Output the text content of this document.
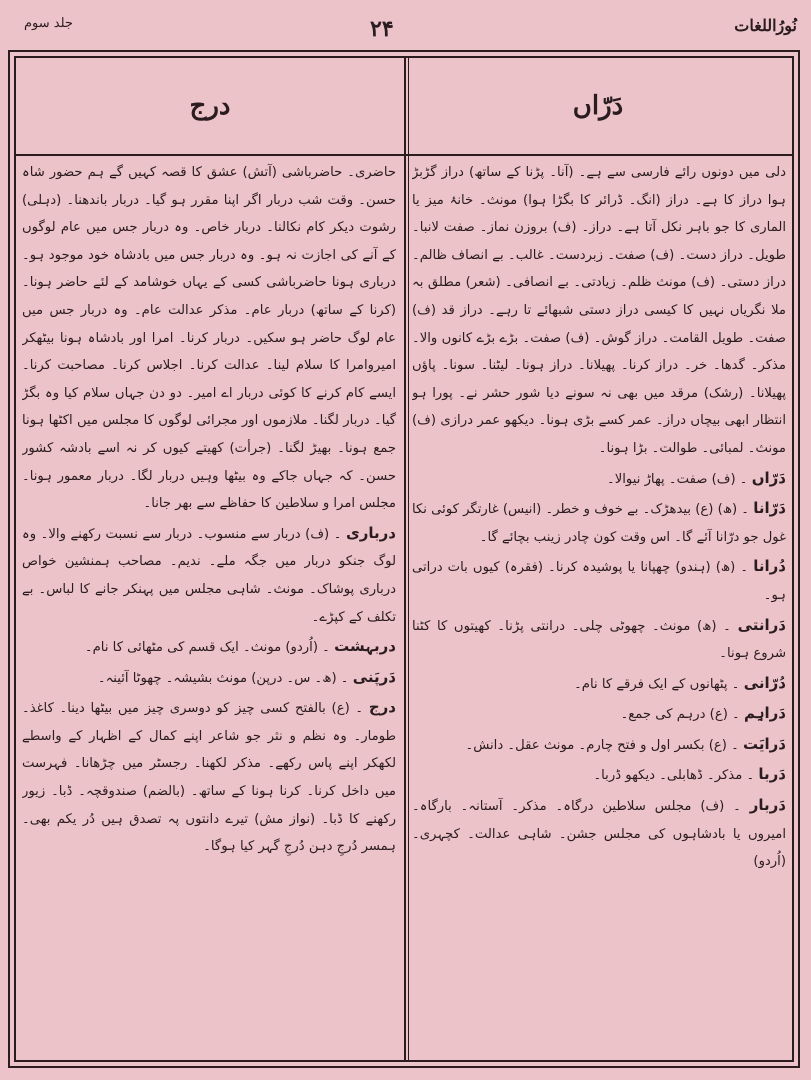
نُورُاللغات
۲۴
جلد سوم
دَرّاں
درج

دلی میں دونوں رائے فارسی سے ہے۔ (آنا۔ پڑنا کے ساتھ) دراز گڑبڑ ہوا دراز کا ہے۔ دراز (انگ۔ ڈرائر کا بگڑا ہوا) مونث۔ خانۂ میز یا الماری کا جو باہر نکل آتا ہے۔ دراز۔ (ف) بروزن نماز۔ صفت لانبا۔ طویل۔ دراز دست۔ (ف) صفت۔ زبردست۔ غالب۔ بے انصاف ظالم۔ دراز دستی۔ (ف) مونث ظلم۔ زیادتی۔ بے انصافی۔ (شعر) مطلق بہ ملا نگریاں نہیں کا کیسی دراز دستی شبھائے تا رہے۔ دراز قد (ف) صفت۔ طویل القامت۔ دراز گوش۔ (ف) صفت۔ بڑے بڑے کانوں والا۔ مذکر۔ گدھا۔ خر۔ دراز کرنا۔ پھیلانا۔ دراز ہونا۔ لیٹنا۔ سونا۔ پاؤں پھیلانا۔ (رشک) مرقد میں بھی نہ سونے دیا شور حشر نے۔ پورا ہو انتظار ابھی بیچاں دراز۔ عمر کسے بڑی ہونا۔ دیکھو عمر درازی (ف) مونث۔ لمبائی۔ طوالت۔ بڑا ہونا۔

دَرّاں ۔ (ف) صفت۔ پھاڑ نیوالا۔

دَرّانا ۔ (ھ) (ع) بیدھڑک۔ بے خوف و خطر۔ (انیس) غارتگر کوئی نکا غول جو درّانا آئے گا۔ اس وقت کون چادر زینب بچائے گا۔

دُرانا ۔ (ھ) (ہندو) چھپانا یا پوشیدہ کرنا۔ (فقرہ) کیوں بات دراتی ہو۔

دَرانتی ۔ (ھ) مونث۔ چھوٹی چلی۔ درانتی پڑنا۔ کھیتوں کا کٹنا شروع ہونا۔

دُرّانی ۔ پٹھانوں کے ایک فرقے کا نام۔

دَراہِم ۔ (ع) درہم کی جمع۔

دَرایَت ۔ (ع) بکسر اول و فتح چارم۔ مونث عقل۔ دانش۔

دَربا ۔ مذکر۔ ڈھابلی۔ دیکھو ڈربا۔

دَربار ۔ (ف) مجلس سلاطین درگاہ۔ مذکر۔ آستانہ۔ بارگاہ۔ امیروں یا بادشاہوں کی مجلس جشن۔ شاہی عدالت۔ کچہری۔ (اُردو)

حاضری۔ حاضرباشی (آتش) عشق کا قصہ کہیں گے ہم حضور شاہ حسن۔ وقت شب دربار اگر اپنا مقرر ہو گیا۔ دربار باندھنا۔ (دہلی) رشوت دیکر کام نکالنا۔ دربار خاص۔ وہ دربار جس میں عام لوگوں کے آنے کی اجازت نہ ہو۔ وہ دربار جس میں بادشاہ خود موجود ہو۔ درباری ہونا حاضرباشی کسی کے یہاں خوشامد کے لئے حاضر ہونا۔ (کرنا کے ساتھ) دربار عام۔ مذکر عدالت عام۔ وہ دربار جس میں عام لوگ حاضر ہو سکیں۔ دربار کرنا۔ امرا اور بادشاہ ہونا بیٹھکر امیروامرا کا سلام لینا۔ عدالت کرنا۔ اجلاس کرنا۔ مصاحبت کرنا۔ ایسے کام کرنے کا کوئی دربار اے امیر۔ دو دن جہاں سلام کیا وہ بگڑ گیا۔ دربار لگنا۔ ملازموں اور مجرائی لوگوں کا مجلس میں اکٹھا ہونا جمع ہونا۔ بھیڑ لگنا۔ (جرأت) کھیتے کیوں کر نہ اسے بادشہ کشور حسن۔ کہ جہاں جاکے وہ بیٹھا وہیں دربار لگا۔ دربار معمور ہونا۔ مجلس امرا و سلاطین کا حفاظے سے بھر جانا۔

درباری ۔ (ف) دربار سے منسوب۔ دربار سے نسبت رکھنے والا۔ وہ لوگ جنکو دربار میں جگہ ملے۔ ندیم۔ مصاحب ہمنشین خواص درباری پوشاک۔ مونث۔ شاہی مجلس میں پہنکر جانے کا لباس۔ بے تکلف کے کپڑے۔

دربہشت ۔ (اُردو) مونث۔ ایک قسم کی مٹھائی کا نام۔

دَرپَنی ۔ (ھ۔ س۔ درپن) مونث بشیشہ۔ چھوٹا آئینہ۔

درج ۔ (ع) بالفتح کسی چیز کو دوسری چیز میں بیٹھا دینا۔ کاغذ۔ طومار۔ وہ نظم و نثر جو شاعر اپنے کمال کے اظہار کے واسطے لکھکر اپنے پاس رکھے۔ مذکر لکھنا۔ رجسٹر میں چڑھانا۔ فہرست میں داخل کرنا۔ کرنا ہونا کے ساتھ۔ (بالضم) صندوقچہ۔ ڈبا۔ زیور رکھنے کا ڈبا۔ (نواز مش) تیرے دانتوں پہ تصدق ہیں دُر یکم بھی۔ ہمسر دُرجِ دہن دُرجِ گہر کیا ہوگا۔
